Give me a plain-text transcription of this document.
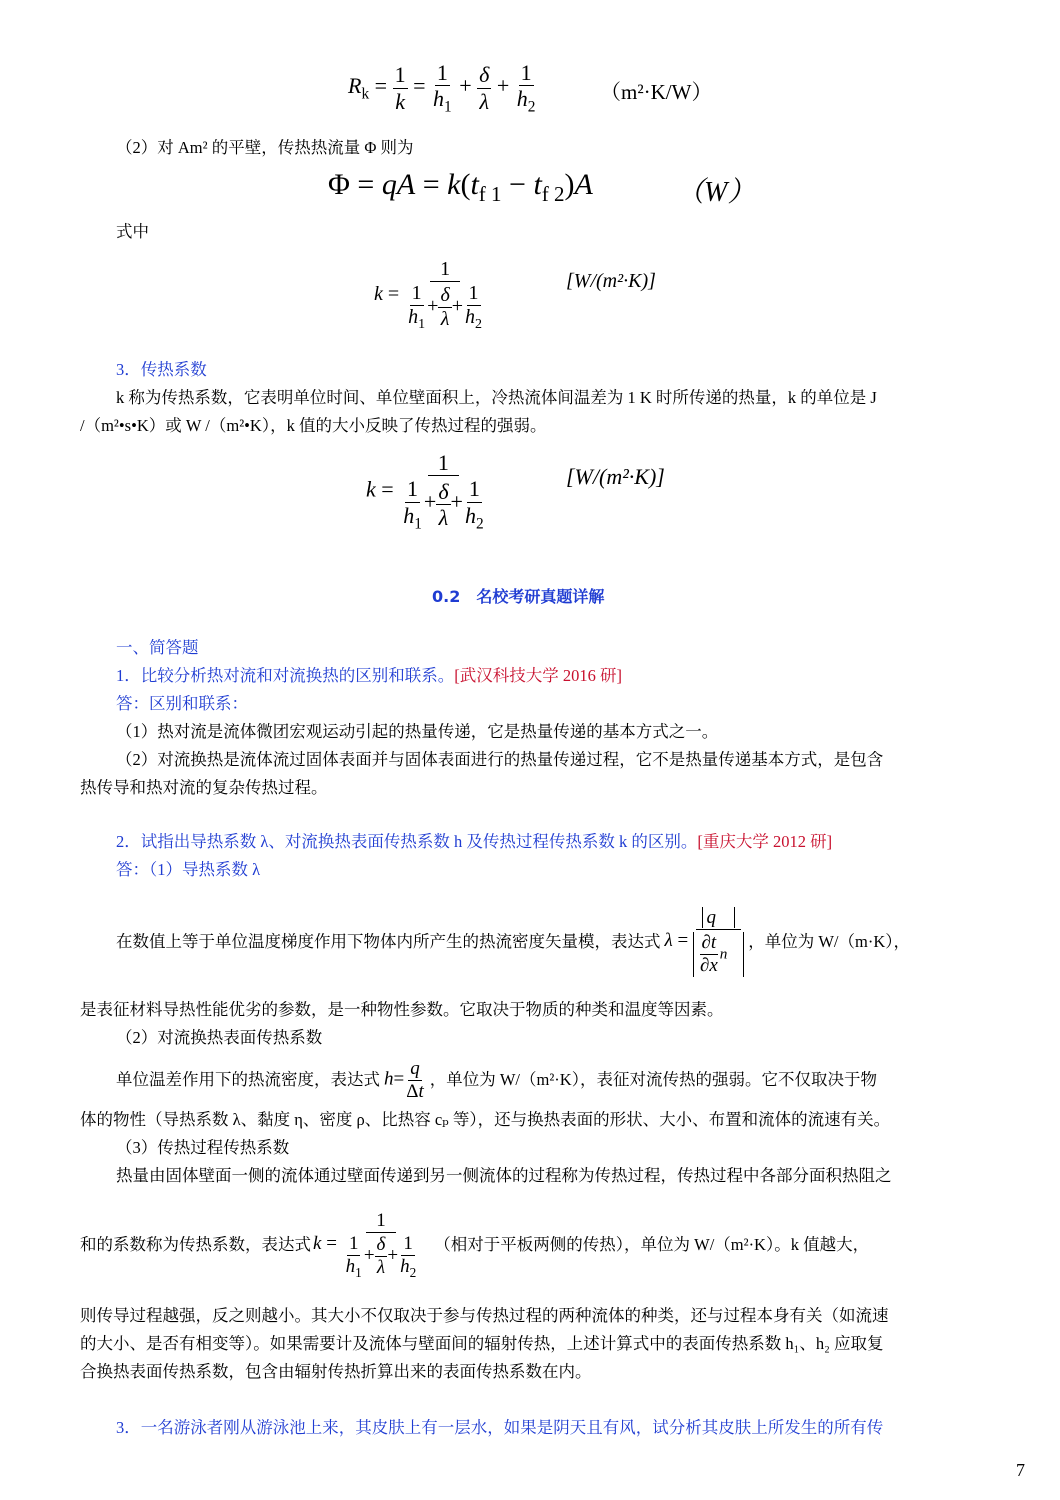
$R_k = \frac{1}{k} = \frac{1}{h_1} + \frac{\delta}{\lambda} + \frac{1}{h_2}$	（m²·K/W）
（2）对 Am² 的平壁，传热热流量 Φ 则为
Φ = qA = $k(t_{f 1} - t_{f 2})A$	（W）
式中
$k = \frac{1}{\frac{1}{h_1} + \frac{\delta}{\lambda} + \frac{1}{h_2}}$	[W/(m²·K)]
3．传热系数
k 称为传热系数，它表明单位时间、单位壁面积上，冷热流体间温差为 1 K 时所传递的热量，k 的单位是 J
/（m²•s•K）或 W /（m²•K），k 值的大小反映了传热过程的强弱。
$k = \frac{1}{\frac{1}{h_1} + \frac{\delta}{\lambda} + \frac{1}{h_2}}$	[W/(m²·K)]
0.2　名校考研真题详解
一、简答题
1．比较分析热对流和对流换热的区别和联系。[武汉科技大学 2016 研]
答：区别和联系：
（1）热对流是流体微团宏观运动引起的热量传递，它是热量传递的基本方式之一。
（2）对流换热是流体流过固体表面并与固体表面进行的热量传递过程，它不是热量传递基本方式，是包含
热传导和热对流的复杂传热过程。
2．试指出导热系数 λ、对流换热表面传热系数 h 及传热过程传热系数 k 的区别。[重庆大学 2012 研]
答：（1）导热系数 λ
在数值上等于单位温度梯度作用下物体内所产生的热流密度矢量模，表达式 $\lambda = \frac{q⃗}{\frac{\partial t}{\partial x} n⃗}$ ，单位为 W/（m·K），
是表征材料导热性能优劣的参数，是一种物性参数。它取决于物质的种类和温度等因素。
（2）对流换热表面传热系数
单位温差作用下的热流密度，表达式 $h= \frac{q}{\Delta t}$ ，单位为 W/（m²·K），表征对流传热的强弱。它不仅取决于物
体的物性（导热系数 λ、黏度 η、密度 ρ、比热容 cₚ 等），还与换热表面的形状、大小、布置和流体的流速有关。
（3）传热过程传热系数
热量由固体壁面一侧的流体通过壁面传递到另一侧流体的过程称为传热过程，传热过程中各部分面积热阻之
和的系数称为传热系数，表达式 $k = \frac{1}{\frac{1}{h_1} + \frac{\delta}{\lambda} + \frac{1}{h_2}}$ （相对于平板两侧的传热），单位为 W/（m²·K）。k 值越大，
则传导过程越强，反之则越小。其大小不仅取决于参与传热过程的两种流体的种类，还与过程本身有关（如流速
的大小、是否有相变等）。如果需要计及流体与壁面间的辐射传热，上述计算式中的表面传热系数 h₁、h₂ 应取复
合换热表面传热系数，包含由辐射传热折算出来的表面传热系数在内。
3．一名游泳者刚从游泳池上来，其皮肤上有一层水，如果是阴天且有风，试分析其皮肤上所发生的所有传
7
